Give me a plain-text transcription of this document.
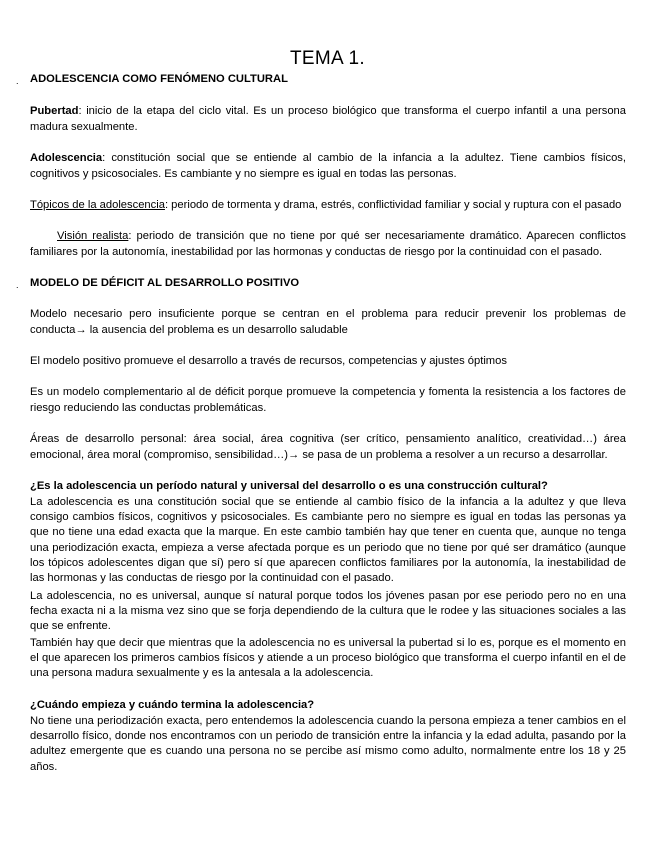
TEMA 1.
. ADOLESCENCIA COMO FENÓMENO CULTURAL
Pubertad: inicio de la etapa del ciclo vital. Es un proceso biológico que transforma el cuerpo infantil a una persona madura sexualmente.
Adolescencia: constitución social que se entiende al cambio de la infancia a la adultez. Tiene cambios físicos, cognitivos y psicosociales. Es cambiante y no siempre es igual en todas las personas.
Tópicos de la adolescencia: periodo de tormenta y drama, estrés, conflictividad familiar y social y ruptura con el pasado
Visión realista: periodo de transición que no tiene por qué ser necesariamente dramático. Aparecen conflictos familiares por la autonomía, inestabilidad por las hormonas y conductas de riesgo por la continuidad con el pasado.
. MODELO DE DÉFICIT AL DESARROLLO POSITIVO
Modelo necesario pero insuficiente porque se centran en el problema para reducir prevenir los problemas de conducta→ la ausencia del problema es un desarrollo saludable
El modelo positivo promueve el desarrollo a través de recursos, competencias y ajustes óptimos
Es un modelo complementario al de déficit porque promueve la competencia y fomenta la resistencia a los factores de riesgo reduciendo las conductas problemáticas.
Áreas de desarrollo personal: área social, área cognitiva (ser crítico, pensamiento analítico, creatividad…) área emocional, área moral (compromiso, sensibilidad…)→ se pasa de un problema a resolver a un recurso a desarrollar.
¿Es la adolescencia un período natural y universal del desarrollo o es una construcción cultural?
La adolescencia es una constitución social que se entiende al cambio físico de la infancia a la adultez y que lleva consigo cambios físicos, cognitivos y psicosociales. Es cambiante pero no siempre es igual en todas las personas ya que no tiene una edad exacta que la marque. En este cambio también hay que tener en cuenta que, aunque no tenga una periodización exacta, empieza a verse afectada porque es un periodo que no tiene por qué ser dramático (aunque los tópicos adolescentes digan que sí) pero sí que aparecen conflictos familiares por la autonomía, la inestabilidad de las hormonas y las conductas de riesgo por la continuidad con el pasado.
La adolescencia, no es universal, aunque sí natural porque todos los jóvenes pasan por ese periodo pero no en una fecha exacta ni a la misma vez sino que se forja dependiendo de la cultura que le rodee y las situaciones sociales a las que se enfrente.
También hay que decir que mientras que la adolescencia no es universal la pubertad si lo es, porque es el momento en el que aparecen los primeros cambios físicos y atiende a un proceso biológico que transforma el cuerpo infantil en el de una persona madura sexualmente y es la antesala a la adolescencia.
¿Cuándo empieza y cuándo termina la adolescencia?
No tiene una periodización exacta, pero entendemos la adolescencia cuando la persona empieza a tener cambios en el desarrollo físico, donde nos encontramos con un periodo de transición entre la infancia y la edad adulta, pasando por la adultez emergente que es cuando una persona no se percibe así mismo como adulto, normalmente entre los 18 y 25 años.
